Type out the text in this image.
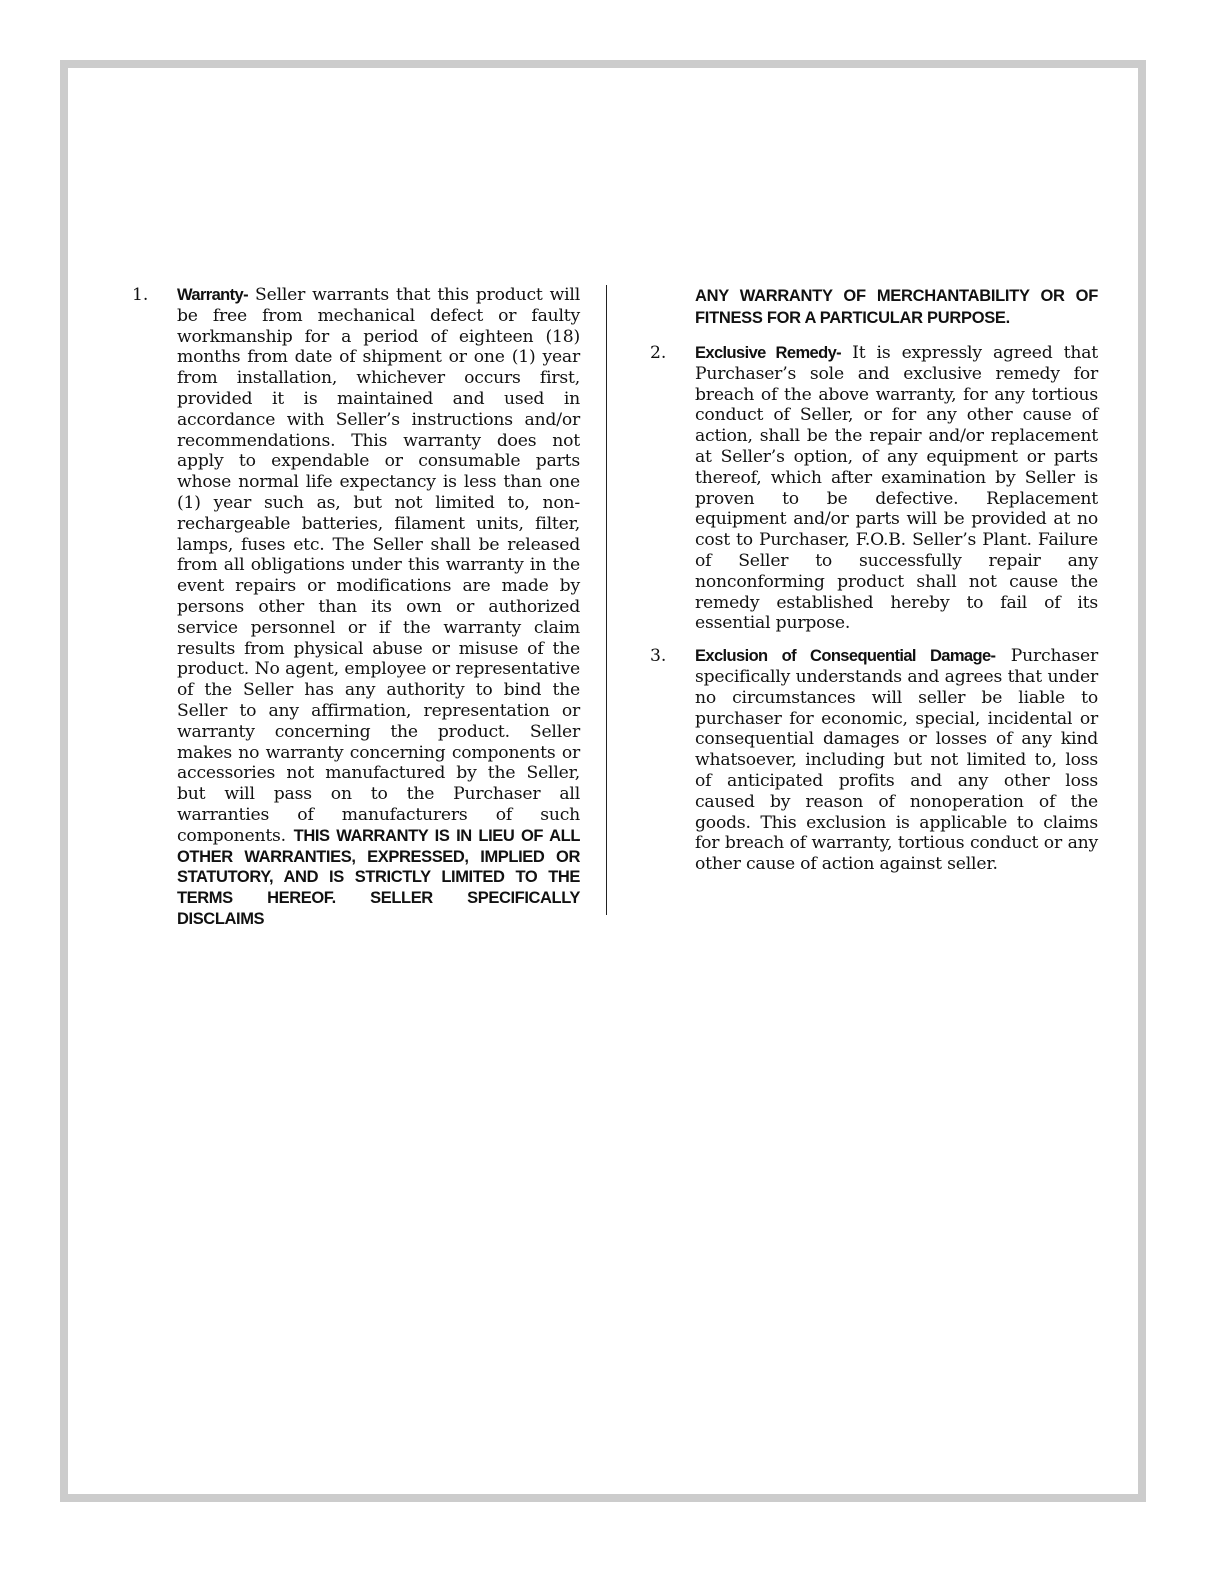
1. Warranty- Seller warrants that this product will be free from mechanical defect or faulty workmanship for a period of eighteen (18) months from date of shipment or one (1) year from installation, whichever occurs first, provided it is maintained and used in accordance with Seller’s instructions and/or recommendations. This warranty does not apply to expendable or consumable parts whose normal life expectancy is less than one (1) year such as, but not limited to, non-rechargeable batteries, filament units, filter, lamps, fuses etc. The Seller shall be released from all obligations under this warranty in the event repairs or modifications are made by persons other than its own or authorized service personnel or if the warranty claim results from physical abuse or misuse of the product. No agent, employee or representative of the Seller has any authority to bind the Seller to any affirmation, representation or warranty concerning the product. Seller makes no warranty concerning components or accessories not manufactured by the Seller, but will pass on to the Purchaser all warranties of manufacturers of such components. THIS WARRANTY IS IN LIEU OF ALL OTHER WARRANTIES, EXPRESSED, IMPLIED OR STATUTORY, AND IS STRICTLY LIMITED TO THE TERMS HEREOF. SELLER SPECIFICALLY DISCLAIMS
ANY WARRANTY OF MERCHANTABILITY OR OF FITNESS FOR A PARTICULAR PURPOSE.
2. Exclusive Remedy- It is expressly agreed that Purchaser’s sole and exclusive remedy for breach of the above warranty, for any tortious conduct of Seller, or for any other cause of action, shall be the repair and/or replacement at Seller’s option, of any equipment or parts thereof, which after examination by Seller is proven to be defective. Replacement equipment and/or parts will be provided at no cost to Purchaser, F.O.B. Seller’s Plant. Failure of Seller to successfully repair any nonconforming product shall not cause the remedy established hereby to fail of its essential purpose.
3. Exclusion of Consequential Damage- Purchaser specifically understands and agrees that under no circumstances will seller be liable to purchaser for economic, special, incidental or consequential damages or losses of any kind whatsoever, including but not limited to, loss of anticipated profits and any other loss caused by reason of nonoperation of the goods. This exclusion is applicable to claims for breach of warranty, tortious conduct or any other cause of action against seller.
